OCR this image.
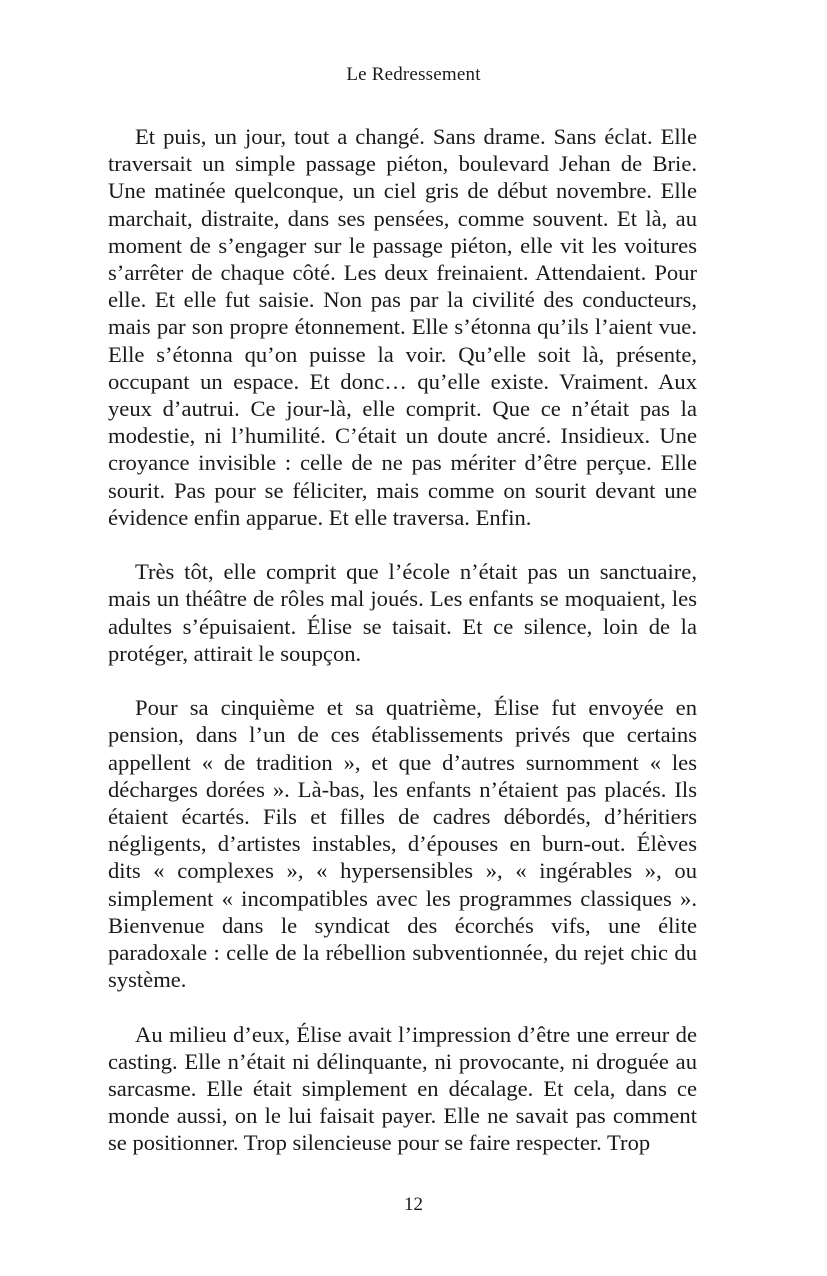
Le Redressement

Et puis, un jour, tout a changé. Sans drame. Sans éclat. Elle traversait un simple passage piéton, boulevard Jehan de Brie. Une matinée quelconque, un ciel gris de début novembre. Elle marchait, distraite, dans ses pensées, comme souvent. Et là, au moment de s’engager sur le passage piéton, elle vit les voitures s’arrêter de chaque côté. Les deux freinaient. Attendaient. Pour elle. Et elle fut saisie. Non pas par la civilité des conducteurs, mais par son propre étonnement. Elle s’étonna qu’ils l’aient vue. Elle s’étonna qu’on puisse la voir. Qu’elle soit là, présente, occupant un espace. Et donc… qu’elle existe. Vraiment. Aux yeux d’autrui. Ce jour-là, elle comprit. Que ce n’était pas la modestie, ni l’humilité. C’était un doute ancré. Insidieux. Une croyance invisible : celle de ne pas mériter d’être perçue. Elle sourit. Pas pour se féliciter, mais comme on sourit devant une évidence enfin apparue. Et elle traversa. Enfin.

Très tôt, elle comprit que l’école n’était pas un sanctuaire, mais un théâtre de rôles mal joués. Les enfants se moquaient, les adultes s’épuisaient. Élise se taisait. Et ce silence, loin de la protéger, attirait le soupçon.

Pour sa cinquième et sa quatrième, Élise fut envoyée en pension, dans l’un de ces établissements privés que certains appellent « de tradition », et que d’autres surnomment « les décharges dorées ». Là-bas, les enfants n’étaient pas placés. Ils étaient écartés. Fils et filles de cadres débordés, d’héritiers négligents, d’artistes instables, d’épouses en burn-out. Élèves dits « complexes », « hypersensibles », « ingérables », ou simplement « incompatibles avec les programmes classiques ». Bienvenue dans le syndicat des écorchés vifs, une élite paradoxale : celle de la rébellion subventionnée, du rejet chic du système.

Au milieu d’eux, Élise avait l’impression d’être une erreur de casting. Elle n’était ni délinquante, ni provocante, ni droguée au sarcasme. Elle était simplement en décalage. Et cela, dans ce monde aussi, on le lui faisait payer. Elle ne savait pas comment se positionner. Trop silencieuse pour se faire respecter. Trop

12
